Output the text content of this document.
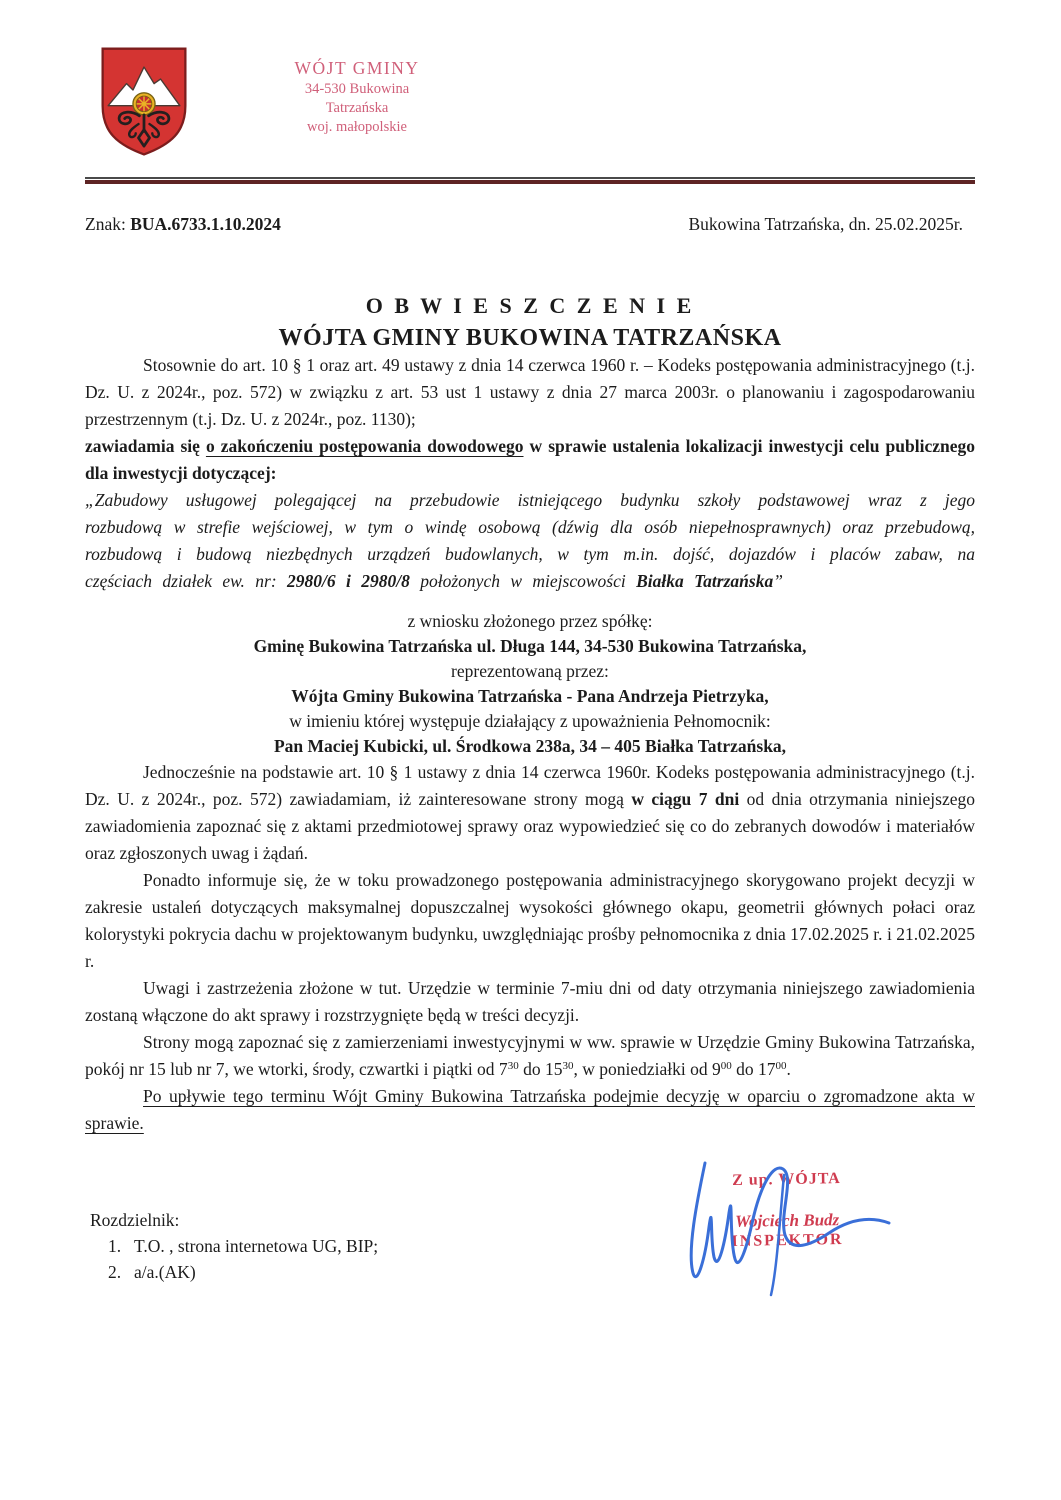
WÓJT GMINY
34-530 Bukowina Tatrzańska
woj. małopolskie
Znak: BUA.6733.1.10.2024	Bukowina Tatrzańska, dn. 25.02.2025r.
O B W I E S Z C Z E N I E
WÓJTA GMINY BUKOWINA TATRZAŃSKA

Stosownie do art. 10 § 1 oraz art. 49 ustawy z dnia 14 czerwca 1960 r. – Kodeks postępowania administracyjnego (t.j. Dz. U. z 2024r., poz. 572) w związku z art. 53 ust 1 ustawy z dnia 27 marca 2003r. o planowaniu i zagospodarowaniu przestrzennym (t.j. Dz. U. z 2024r., poz. 1130);

zawiadamia się o zakończeniu postępowania dowodowego w sprawie ustalenia lokalizacji inwestycji celu publicznego dla inwestycji dotyczącej:

„Zabudowy usługowej polegającej na przebudowie istniejącego budynku szkoły podstawowej wraz z jego rozbudową w strefie wejściowej, w tym o windę osobową (dźwig dla osób niepełnosprawnych) oraz przebudową, rozbudową i budową niezbędnych urządzeń budowlanych, w tym m.in. dojść, dojazdów i placów zabaw, na częściach działek ew. nr: 2980/6 i 2980/8 położonych w miejscowości Białka Tatrzańska”

z wniosku złożonego przez spółkę:
Gminę Bukowina Tatrzańska ul. Długa 144, 34-530 Bukowina Tatrzańska,
reprezentowaną przez:
Wójta Gminy Bukowina Tatrzańska - Pana Andrzeja Pietrzyka,
w imieniu której występuje działający z upoważnienia Pełnomocnik:
Pan Maciej Kubicki, ul. Środkowa 238a, 34 – 405 Białka Tatrzańska,

Jednocześnie na podstawie art. 10 § 1 ustawy z dnia 14 czerwca 1960r. Kodeks postępowania administracyjnego (t.j. Dz. U. z 2024r., poz. 572) zawiadamiam, iż zainteresowane strony mogą w ciągu 7 dni od dnia otrzymania niniejszego zawiadomienia zapoznać się z aktami przedmiotowej sprawy oraz wypowiedzieć się co do zebranych dowodów i materiałów oraz zgłoszonych uwag i żądań.

Ponadto informuje się, że w toku prowadzonego postępowania administracyjnego skorygowano projekt decyzji w zakresie ustaleń dotyczących maksymalnej dopuszczalnej wysokości głównego okapu, geometrii głównych połaci oraz kolorystyki pokrycia dachu w projektowanym budynku, uwzględniając prośby pełnomocnika z dnia 17.02.2025 r. i 21.02.2025 r.

Uwagi i zastrzeżenia złożone w tut. Urzędzie w terminie 7-miu dni od daty otrzymania niniejszego zawiadomienia zostaną włączone do akt sprawy i rozstrzygnięte będą w treści decyzji.

Strony mogą zapoznać się z zamierzeniami inwestycyjnymi w ww. sprawie w Urzędzie Gminy Bukowina Tatrzańska, pokój nr 15 lub nr 7, we wtorki, środy, czwartki i piątki od $7^{30}$ do $15^{30}$, w poniedziałki od $9^{00}$ do $17^{00}$.

Po upływie tego terminu Wójt Gminy Bukowina Tatrzańska podejmie decyzję w oparciu o zgromadzone akta w sprawie.

Z up. WÓJTA
Wojciech Budz
INSPEKTOR
Rozdzielnik:
1. T.O. , strona internetowa UG, BIP;
2. a/a.(AK)
